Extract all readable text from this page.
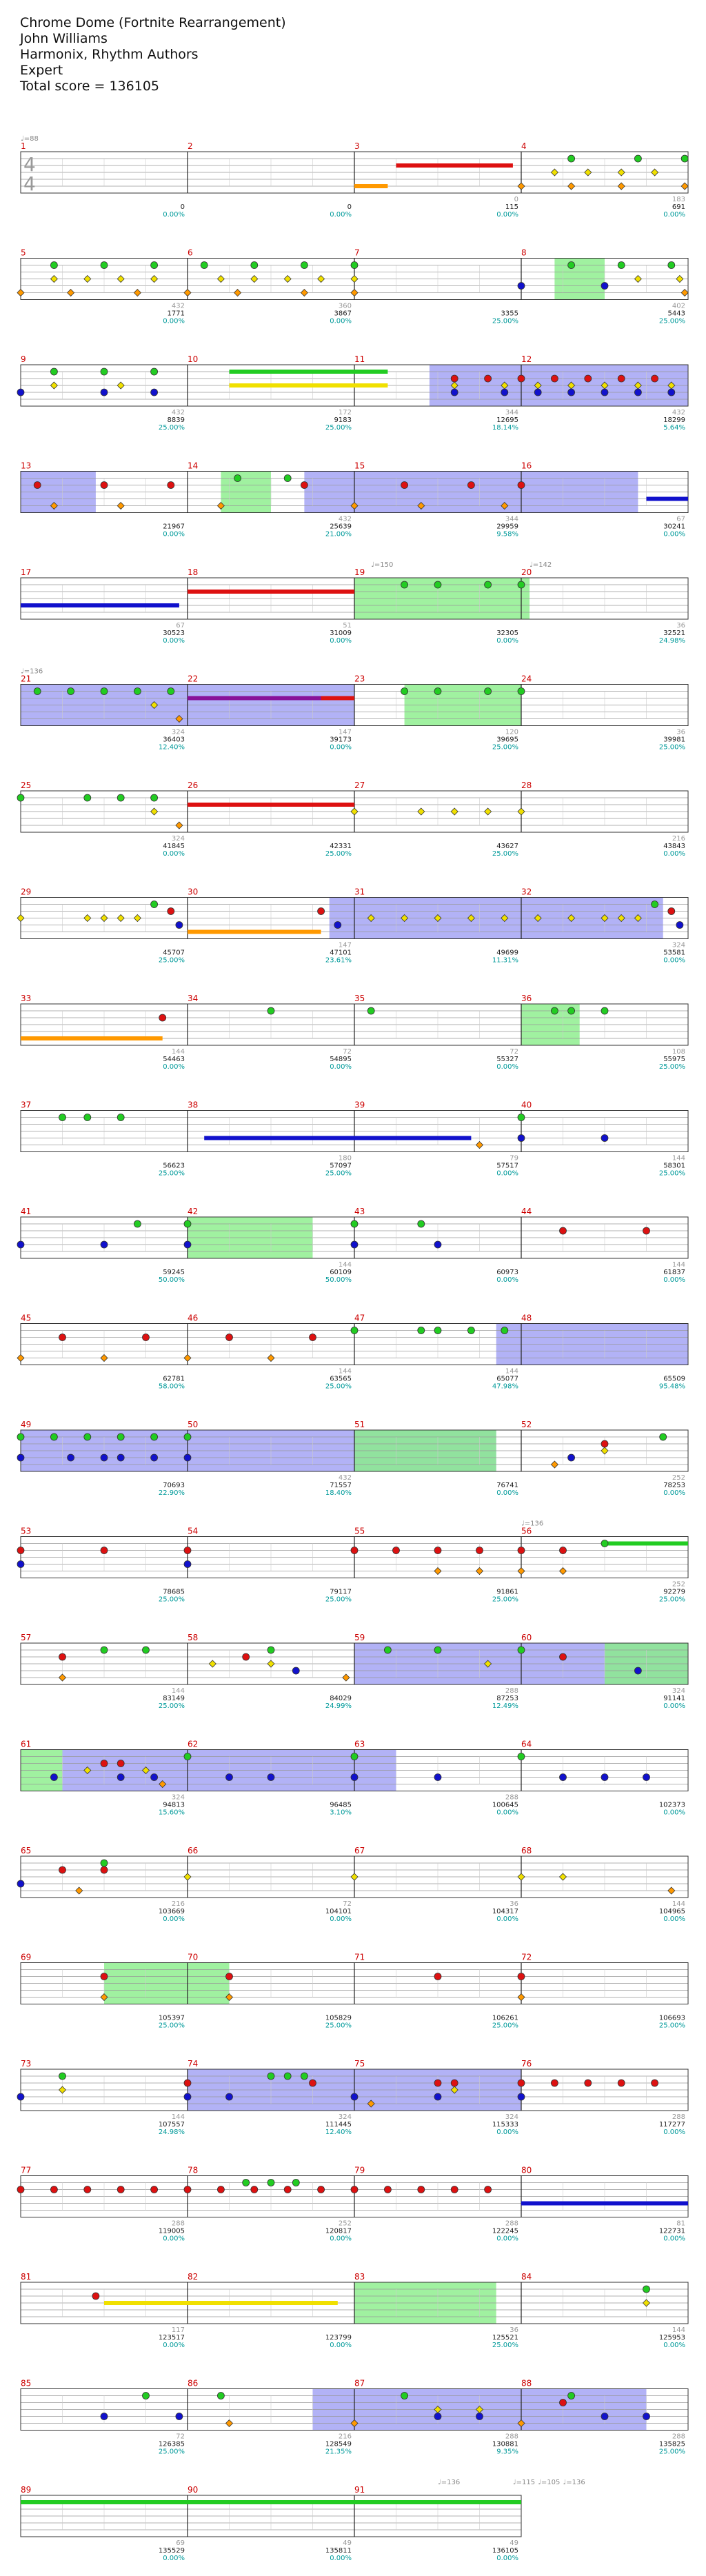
Chrome Dome (Fortnite Rearrangement)
John Williams
Harmonix, Rhythm Authors
Expert
Total score = 136105
1
0
0.00%
2
0
0.00%
3
0
115
0.00%
4
183
691
0.00%
4
4
5
432
1771
0.00%
6
360
3867
0.00%
7
3355
25.00%
8
402
5443
25.00%
9
432
8839
25.00%
10
172
9183
25.00%
11
344
12695
18.14%
12
432
18299
5.64%
13
21967
0.00%
14
432
25639
21.00%
15
344
29959
9.58%
16
67
30241
0.00%
17
67
30523
0.00%
18
51
31009
0.00%
19
32305
0.00%
20
36
32521
24.98%
21
324
36403
12.40%
22
147
39173
0.00%
23
120
39695
25.00%
24
36
39981
25.00%
25
324
41845
0.00%
26
42331
25.00%
27
43627
25.00%
28
216
43843
0.00%
29
45707
25.00%
30
147
47101
23.61%
31
49699
11.31%
32
324
53581
0.00%
33
144
54463
0.00%
34
72
54895
0.00%
35
72
55327
0.00%
36
108
55975
25.00%
37
56623
25.00%
38
180
57097
25.00%
39
79
57517
0.00%
40
144
58301
25.00%
41
59245
50.00%
42
144
60109
50.00%
43
60973
0.00%
44
144
61837
0.00%
45
62781
58.00%
46
144
63565
25.00%
47
144
65077
47.98%
48
65509
95.48%
49
70693
22.90%
50
432
71557
18.40%
51
76741
0.00%
52
252
78253
0.00%
53
78685
25.00%
54
79117
25.00%
55
91861
25.00%
56
252
92279
25.00%
57
144
83149
25.00%
58
84029
24.99%
59
288
87253
12.49%
60
324
91141
0.00%
61
324
94813
15.60%
62
96485
3.10%
63
288
100645
0.00%
64
102373
0.00%
65
216
103669
0.00%
66
72
104101
0.00%
67
36
104317
0.00%
68
144
104965
0.00%
69
105397
25.00%
70
105829
25.00%
71
106261
25.00%
72
106693
25.00%
73
144
107557
24.98%
74
324
111445
12.40%
75
324
115333
0.00%
76
288
117277
0.00%
77
288
119005
0.00%
78
252
120817
0.00%
79
288
122245
0.00%
80
81
122731
0.00%
81
117
123517
0.00%
82
123799
0.00%
83
36
125521
25.00%
84
144
125953
0.00%
85
72
126385
25.00%
86
216
128549
21.35%
87
288
130881
9.35%
88
288
135825
25.00%
89
69
135529
0.00%
90
49
135811
0.00%
91
49
136105
0.00%
♩=88
♩=150	♩=142
♩=136
♩=136
♩=136	♩=115 ♩=105 ♩=136
